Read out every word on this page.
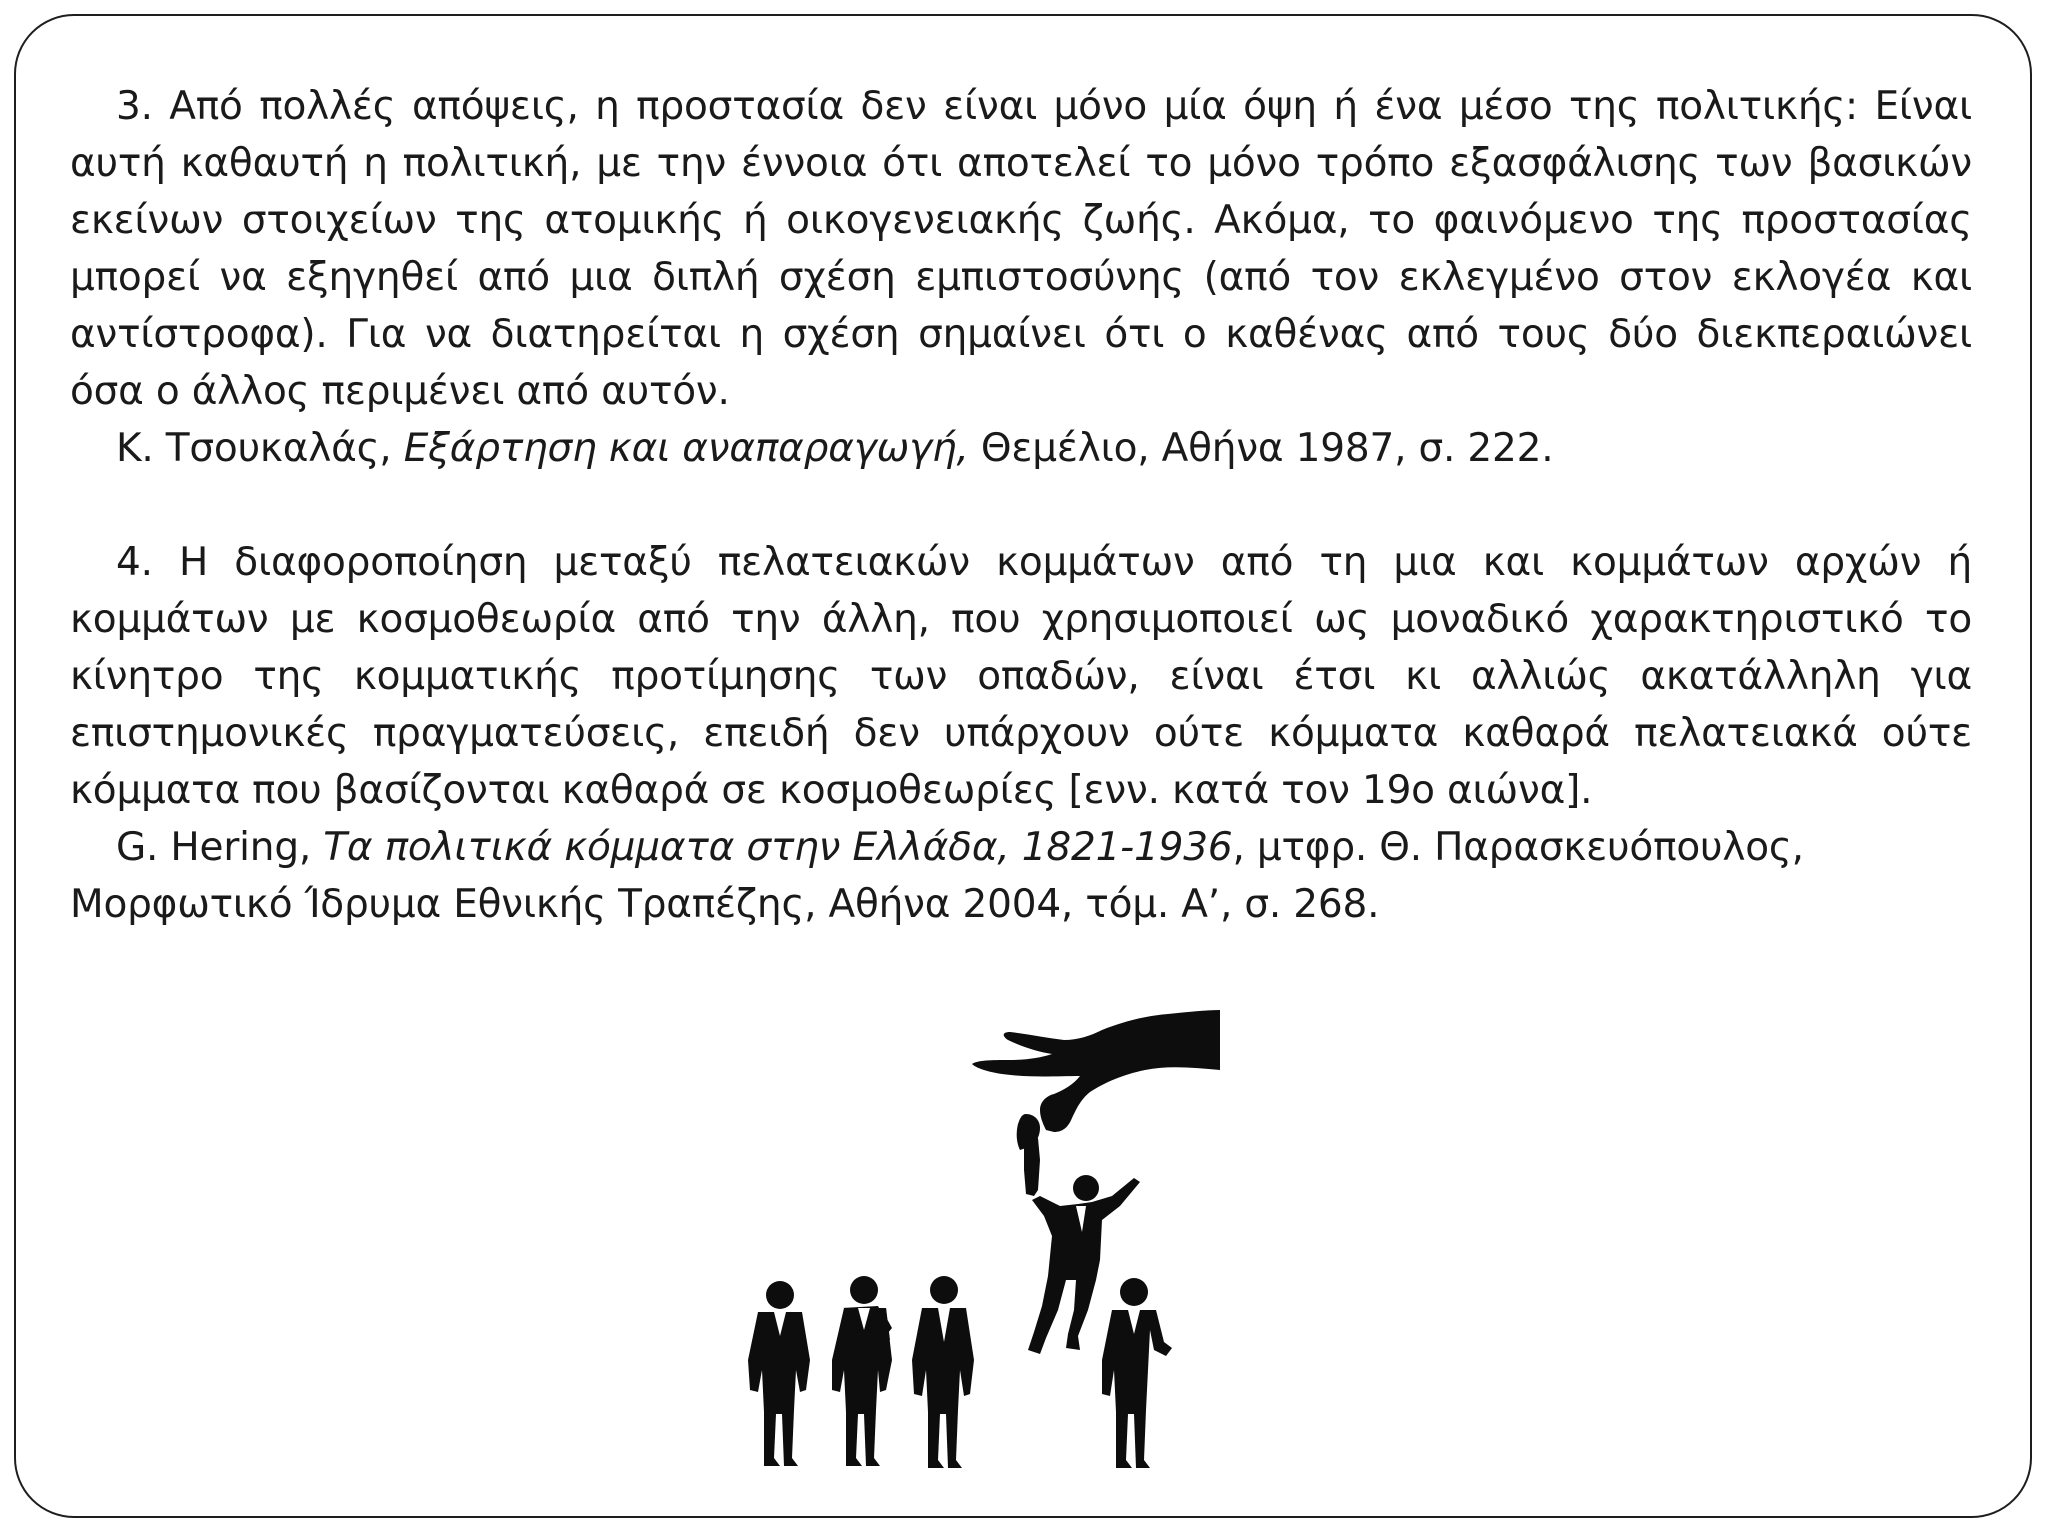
3. Από πολλές απόψεις, η προστασία δεν είναι μόνο μία όψη ή ένα μέσο της πολιτικής: Είναι αυτή καθαυτή η πολιτική, με την έννοια ότι αποτελεί το μόνο τρόπο εξασφάλισης των βασικών εκείνων στοιχείων της ατομικής ή οικογενειακής ζωής. Ακόμα, το φαινόμενο της προστασίας μπορεί να εξηγηθεί από μια διπλή σχέση εμπιστοσύνης (από τον εκλεγμένο στον εκλογέα και αντίστροφα). Για να διατηρείται η σχέση σημαίνει ότι ο καθένας από τους δύο διεκπεραιώνει όσα ο άλλος περιμένει από αυτόν.

Κ. Τσουκαλάς, Εξάρτηση και αναπαραγωγή, Θεμέλιο, Αθήνα 1987, σ. 222.

4. Η διαφοροποίηση μεταξύ πελατειακών κομμάτων από τη μια και κομμάτων αρχών ή κομμάτων με κοσμοθεωρία από την άλλη, που χρησιμοποιεί ως μοναδικό χαρακτηριστικό το κίνητρο της κομματικής προτίμησης των οπαδών, είναι έτσι κι αλλιώς ακατάλληλη για επιστημονικές πραγματεύσεις, επειδή δεν υπάρχουν ούτε κόμματα καθαρά πελατειακά ούτε κόμματα που βασίζονται καθαρά σε κοσμοθεωρίες [ενν. κατά τον 19ο αιώνα].

G. Hering, Τα πολιτικά κόμματα στην Ελλάδα, 1821-1936, μτφρ. Θ. Παρασκευόπουλος, Μορφωτικό Ίδρυμα Εθνικής Τραπέζης, Αθήνα 2004, τόμ. Α’, σ. 268.
